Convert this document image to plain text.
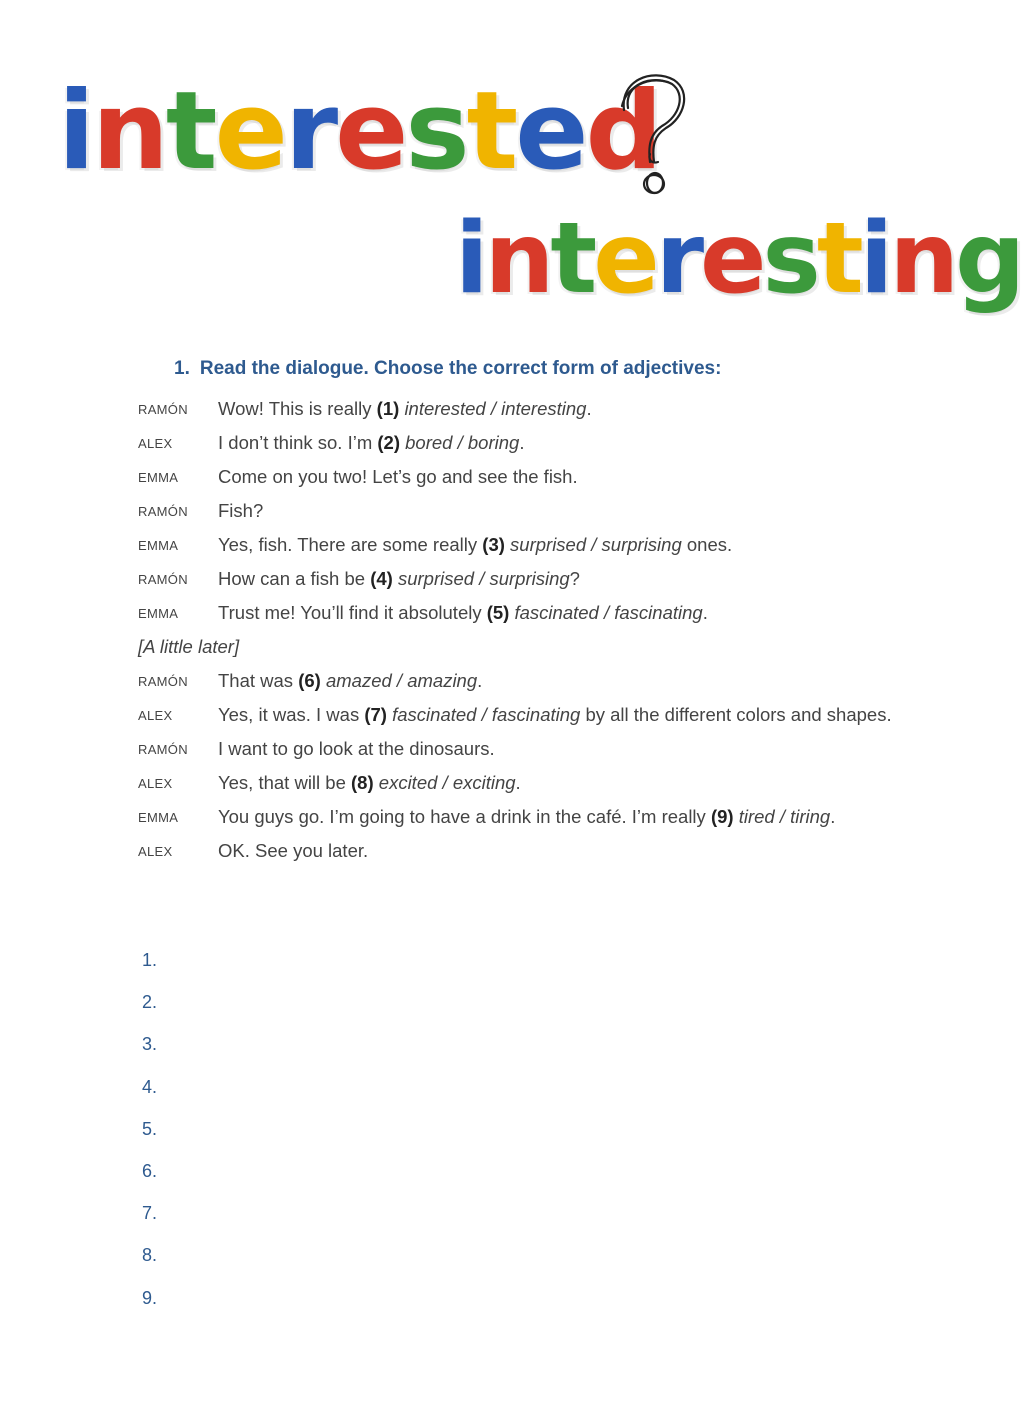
interested
interesting
1. Read the dialogue. Choose the correct form of adjectives:
RAMÓN Wow! This is really (1) interested / interesting.
ALEX I don’t think so. I’m (2) bored / boring.
EMMA Come on you two! Let’s go and see the fish.
RAMÓN Fish?
EMMA Yes, fish. There are some really (3) surprised / surprising ones.
RAMÓN How can a fish be (4) surprised / surprising?
EMMA Trust me! You’ll find it absolutely (5) fascinated / fascinating.
[A little later]
RAMÓN That was (6) amazed / amazing.
ALEX Yes, it was. I was (7) fascinated / fascinating by all the different colors and shapes.
RAMÓN I want to go look at the dinosaurs.
ALEX Yes, that will be (8) excited / exciting.
EMMA You guys go. I’m going to have a drink in the café. I’m really (9) tired / tiring.
ALEX OK. See you later.
1.
2.
3.
4.
5.
6.
7.
8.
9.
